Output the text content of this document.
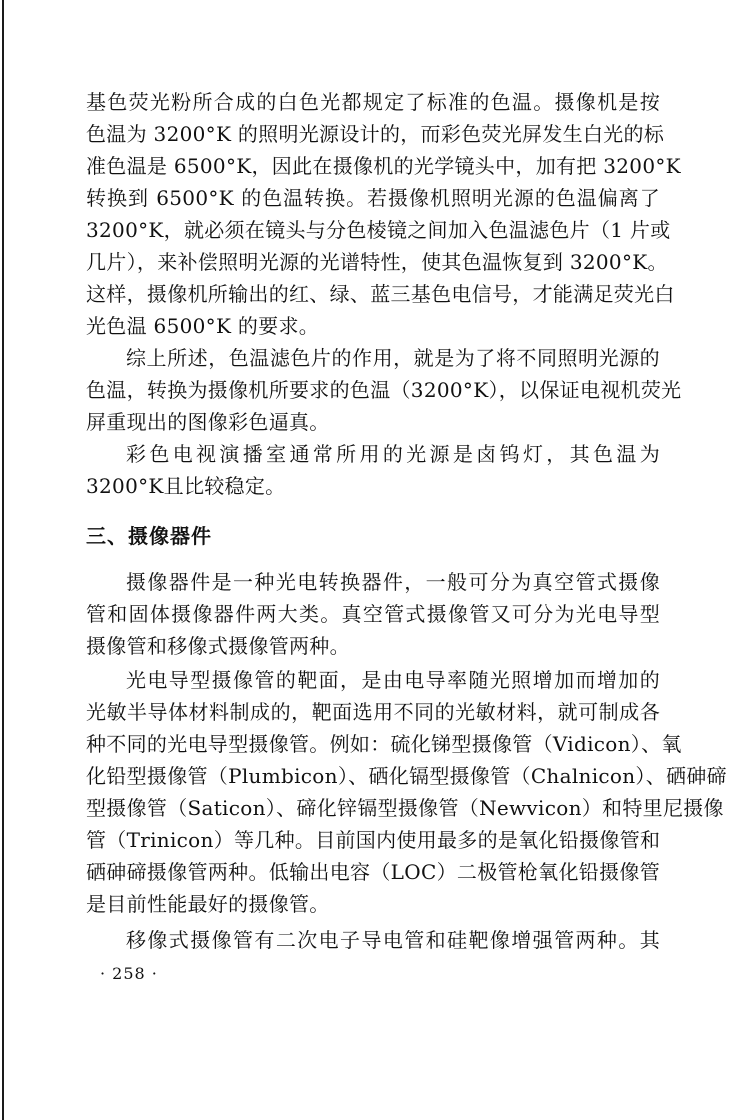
基色荧光粉所合成的白色光都规定了标准的色温。摄像机是按
色温为 3200°K 的照明光源设计的，而彩色荧光屏发生白光的标
准色温是 6500°K，因此在摄像机的光学镜头中，加有把 3200°K
转换到 6500°K 的色温转换。若摄像机照明光源的色温偏离了
3200°K，就必须在镜头与分色棱镜之间加入色温滤色片（1 片或
几片），来补偿照明光源的光谱特性，使其色温恢复到 3200°K。
这样，摄像机所输出的红、绿、蓝三基色电信号，才能满足荧光白
光色温 6500°K 的要求。
综上所述，色温滤色片的作用，就是为了将不同照明光源的
色温，转换为摄像机所要求的色温（3200°K），以保证电视机荧光
屏重现出的图像彩色逼真。
彩色电视演播室通常所用的光源是卤钨灯，其色温为
3200°K且比较稳定。
三、摄像器件
摄像器件是一种光电转换器件，一般可分为真空管式摄像
管和固体摄像器件两大类。真空管式摄像管又可分为光电导型
摄像管和移像式摄像管两种。
光电导型摄像管的靶面，是由电导率随光照增加而增加的
光敏半导体材料制成的，靶面选用不同的光敏材料，就可制成各
种不同的光电导型摄像管。例如：硫化锑型摄像管（Vidicon）、氧
化铅型摄像管（Plumbicon）、硒化镉型摄像管（Chalnicon）、硒砷碲
型摄像管（Saticon）、碲化锌镉型摄像管（Newvicon）和特里尼摄像
管（Trinicon）等几种。目前国内使用最多的是氧化铅摄像管和
硒砷碲摄像管两种。低输出电容（LOC）二极管枪氧化铅摄像管
是目前性能最好的摄像管。
移像式摄像管有二次电子导电管和硅靶像增强管两种。其
· 258 ·
